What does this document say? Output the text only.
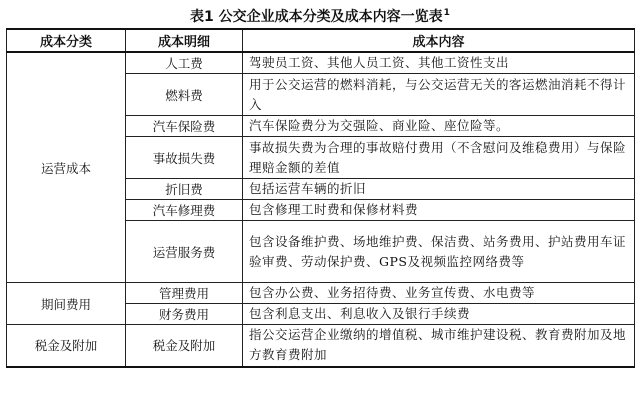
表1 公交企业成本分类及成本内容一览表$^1$
成本分类	成本明细	成本内容
运营成本	人工费	驾驶员工资、其他人员工资、其他工资性支出
	燃料费	用于公交运营的燃料消耗，与公交运营无关的客运燃油消耗不得计入
	汽车保险费	汽车保险费分为交强险、商业险、座位险等。
	事故损失费	事故损失费为合理的事故赔付费用（不含慰问及维稳费用）与保险理赔金额的差值
	折旧费	包括运营车辆的折旧
	汽车修理费	包含修理工时费和保修材料费
	运营服务费	包含设备维护费、场地维护费、保洁费、站务费用、护站费用车证验审费、劳动保护费、GPS及视频监控网络费等
期间费用	管理费用	包含办公费、业务招待费、业务宣传费、水电费等
	财务费用	包含利息支出、利息收入及银行手续费
税金及附加	税金及附加	指公交运营企业缴纳的增值税、城市维护建设税、教育费附加及地方教育费附加
